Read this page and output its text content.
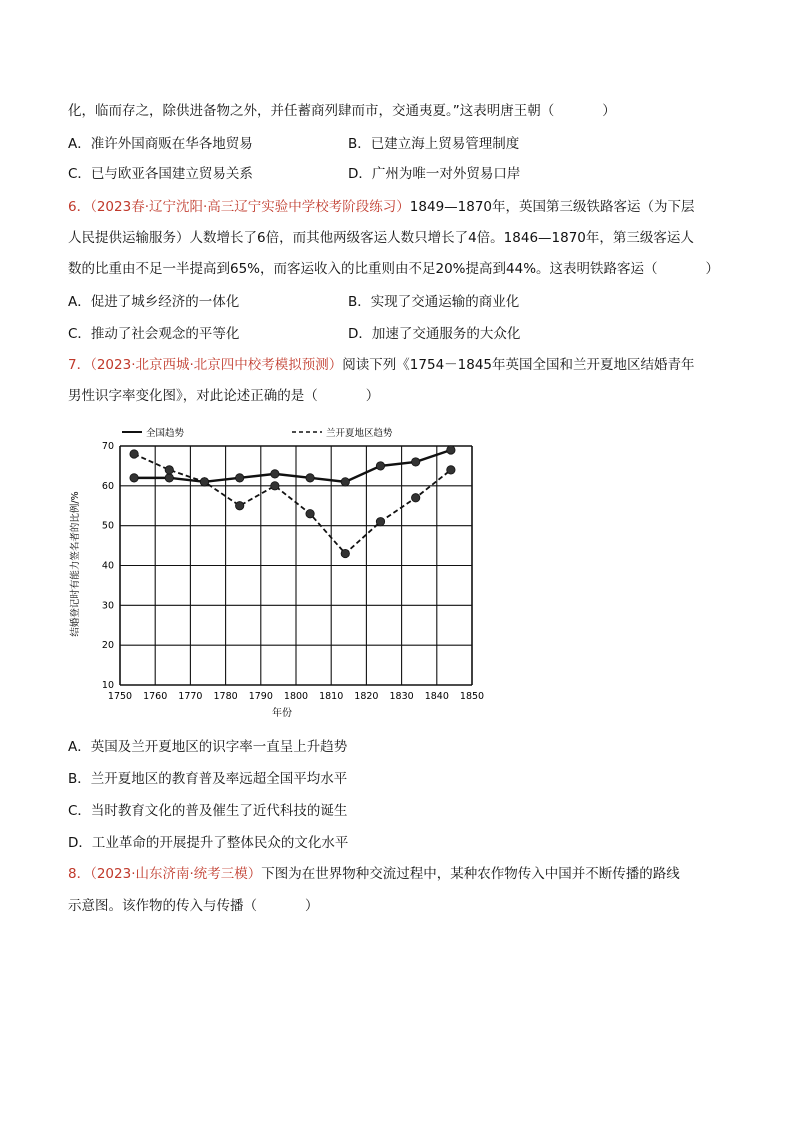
化，临而存之，除供进备物之外，并任蓄商列肆而市，交通夷夏。”这表明唐王朝（	）
A．准许外国商贩在华各地贸易	B．已建立海上贸易管理制度
C．已与欧亚各国建立贸易关系	D．广州为唯一对外贸易口岸
6．（2023春·辽宁沈阳·高三辽宁实验中学校考阶段练习）1849—1870年，英国第三级铁路客运（为下层
人民提供运输服务）人数增长了6倍，而其他两级客运人数只增长了4倍。1846—1870年，第三级客运人
数的比重由不足一半提高到65%，而客运收入的比重则由不足20%提高到44%。这表明铁路客运（	）
A．促进了城乡经济的一体化	B．实现了交通运输的商业化
C．推动了社会观念的平等化	D．加速了交通服务的大众化
7．（2023·北京西城·北京四中校考模拟预测）阅读下列《1754－1845年英国全国和兰开夏地区结婚青年
男性识字率变化图》，对此论述正确的是（	）
1750 1760 1770 1780 1790 1800 1810 1820 1830 1840 1850
10
20
30
40
50
60
70
全国趋势	兰开夏地区趋势
年份
结婚登记时有能力签名者的比例/%
A．英国及兰开夏地区的识字率一直呈上升趋势
B．兰开夏地区的教育普及率远超全国平均水平
C．当时教育文化的普及催生了近代科技的诞生
D．工业革命的开展提升了整体民众的文化水平
8．（2023·山东济南·统考三模）下图为在世界物种交流过程中，某种农作物传入中国并不断传播的路线
示意图。该作物的传入与传播（	）
